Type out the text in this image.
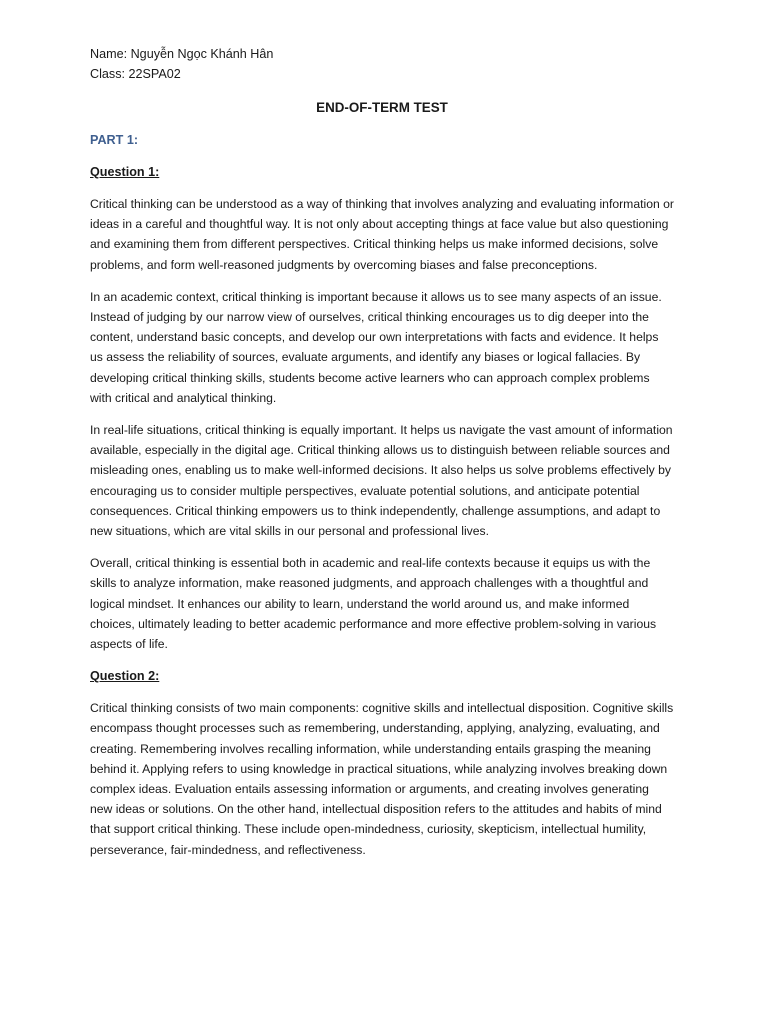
Name: Nguyễn Ngọc Khánh Hân

Class: 22SPA02

END-OF-TERM TEST
PART 1:
Question 1:

Critical thinking can be understood as a way of thinking that involves analyzing and evaluating information or ideas in a careful and thoughtful way. It is not only about accepting things at face value but also questioning and examining them from different perspectives. Critical thinking helps us make informed decisions, solve problems, and form well-reasoned judgments by overcoming biases and false preconceptions.

In an academic context, critical thinking is important because it allows us to see many aspects of an issue. Instead of judging by our narrow view of ourselves, critical thinking encourages us to dig deeper into the content, understand basic concepts, and develop our own interpretations with facts and evidence. It helps us assess the reliability of sources, evaluate arguments, and identify any biases or logical fallacies. By developing critical thinking skills, students become active learners who can approach complex problems with critical and analytical thinking.

In real-life situations, critical thinking is equally important. It helps us navigate the vast amount of information available, especially in the digital age. Critical thinking allows us to distinguish between reliable sources and misleading ones, enabling us to make well-informed decisions. It also helps us solve problems effectively by encouraging us to consider multiple perspectives, evaluate potential solutions, and anticipate potential consequences. Critical thinking empowers us to think independently, challenge assumptions, and adapt to new situations, which are vital skills in our personal and professional lives.

Overall, critical thinking is essential both in academic and real-life contexts because it equips us with the skills to analyze information, make reasoned judgments, and approach challenges with a thoughtful and logical mindset. It enhances our ability to learn, understand the world around us, and make informed choices, ultimately leading to better academic performance and more effective problem-solving in various aspects of life.

Question 2:

Critical thinking consists of two main components: cognitive skills and intellectual disposition. Cognitive skills encompass thought processes such as remembering, understanding, applying, analyzing, evaluating, and creating. Remembering involves recalling information, while understanding entails grasping the meaning behind it. Applying refers to using knowledge in practical situations, while analyzing involves breaking down complex ideas. Evaluation entails assessing information or arguments, and creating involves generating new ideas or solutions. On the other hand, intellectual disposition refers to the attitudes and habits of mind that support critical thinking. These include open-mindedness, curiosity, skepticism, intellectual humility, perseverance, fair-mindedness, and reflectiveness.
